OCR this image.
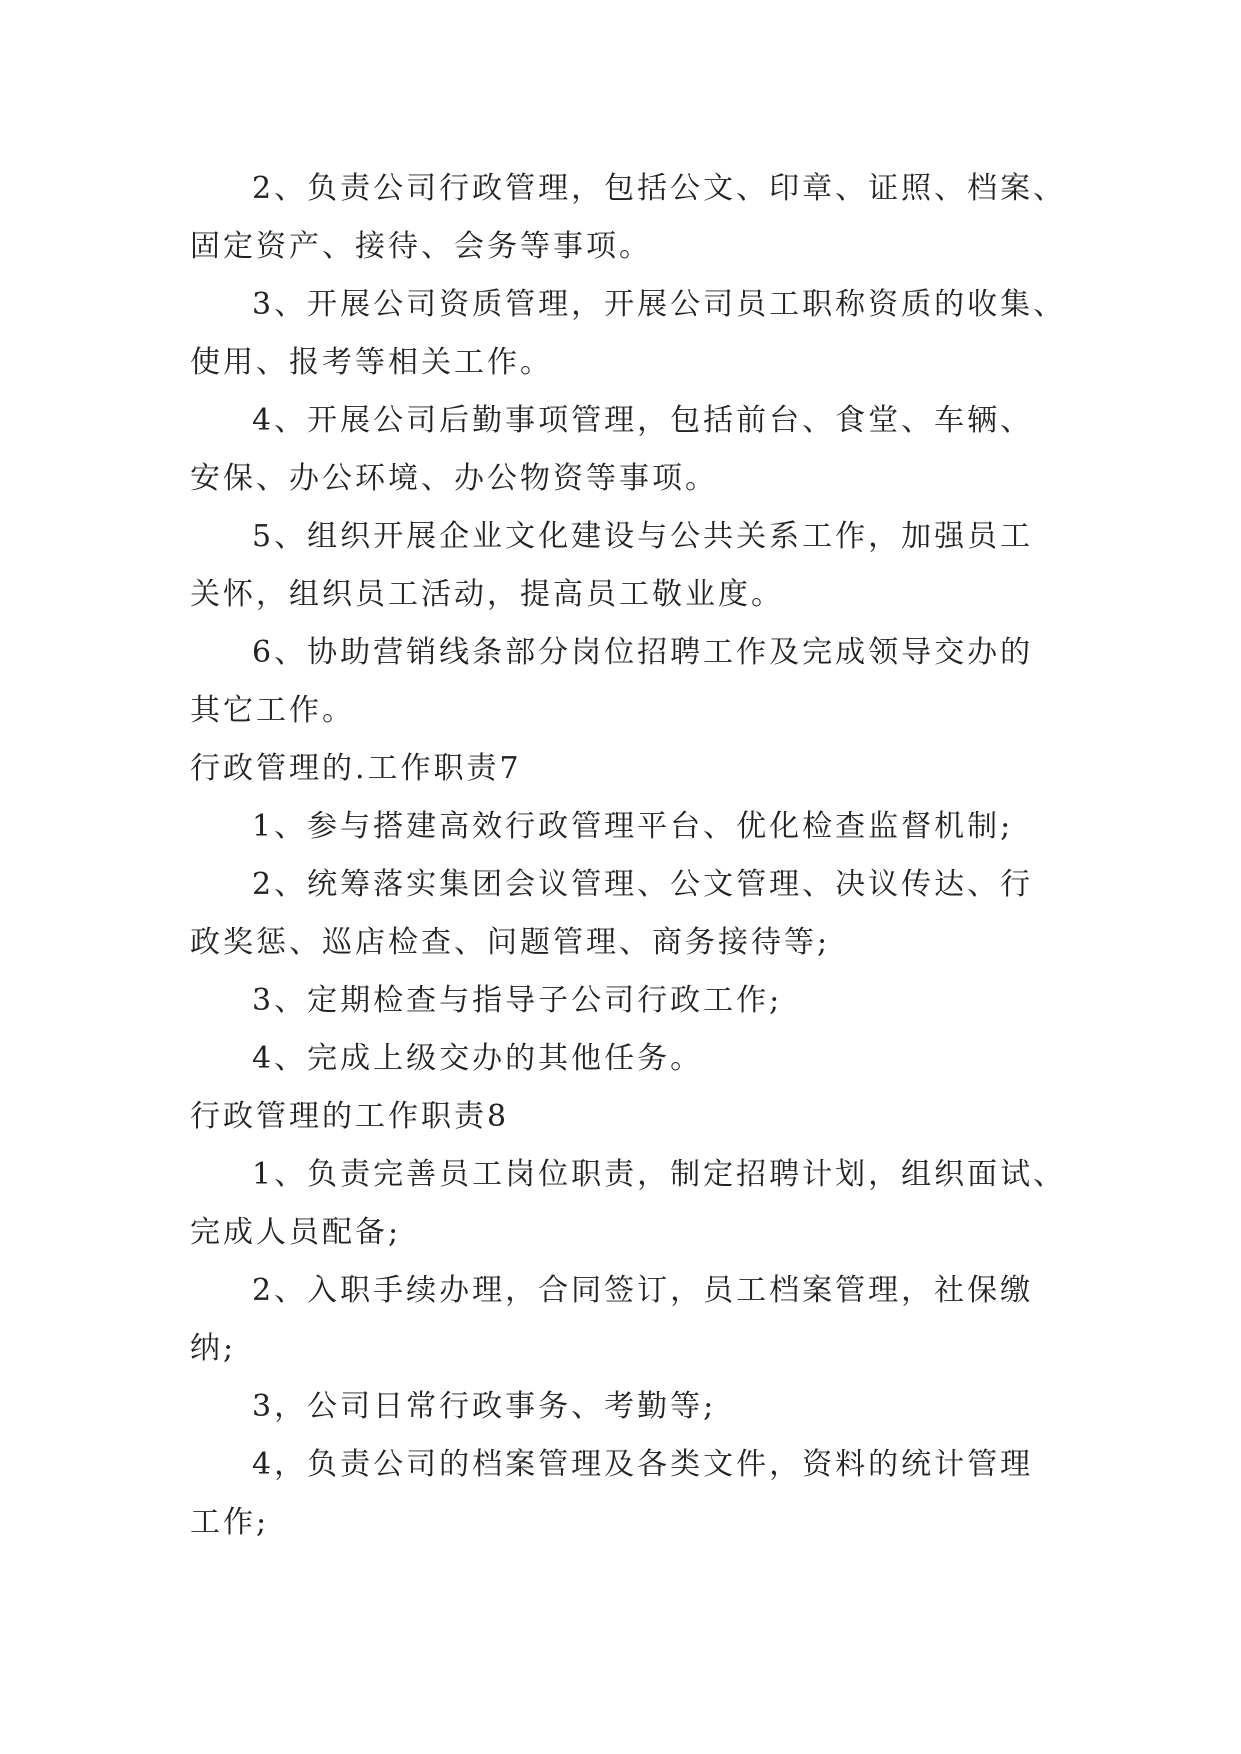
2、负责公司行政管理，包括公文、印章、证照、档案、
固定资产、接待、会务等事项。
3、开展公司资质管理，开展公司员工职称资质的收集、
使用、报考等相关工作。
4、开展公司后勤事项管理，包括前台、食堂、车辆、
安保、办公环境、办公物资等事项。
5、组织开展企业文化建设与公共关系工作，加强员工
关怀，组织员工活动，提高员工敬业度。
6、协助营销线条部分岗位招聘工作及完成领导交办的
其它工作。
行政管理的.工作职责7
1、参与搭建高效行政管理平台、优化检查监督机制;
2、统筹落实集团会议管理、公文管理、决议传达、行
政奖惩、巡店检查、问题管理、商务接待等;
3、定期检查与指导子公司行政工作;
4、完成上级交办的其他任务。
行政管理的工作职责8
1、负责完善员工岗位职责，制定招聘计划，组织面试、
完成人员配备;
2、入职手续办理，合同签订，员工档案管理，社保缴
纳;
3，公司日常行政事务、考勤等;
4，负责公司的档案管理及各类文件，资料的统计管理
工作;
